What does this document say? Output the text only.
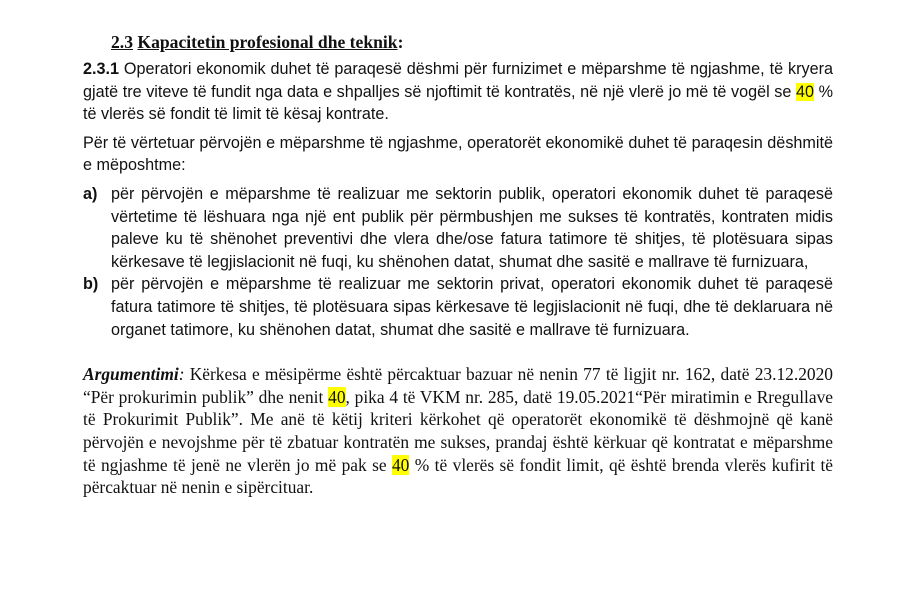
2.3 Kapacitetin profesional dhe teknik:

2.3.1 Operatori ekonomik duhet të paraqesë dëshmi për furnizimet e mëparshme të ngjashme, të kryera gjatë tre viteve të fundit nga data e shpalljes së njoftimit të kontratës, në një vlerë jo më të vogël se 40 % të vlerës së fondit të limit të kësaj kontrate.

Për të vërtetuar përvojën e mëparshme të ngjashme, operatorët ekonomikë duhet të paraqesin dëshmitë e mëposhtme:

a) për përvojën e mëparshme të realizuar me sektorin publik, operatori ekonomik duhet të paraqesë vërtetime të lëshuara nga një ent publik për përmbushjen me sukses të kontratës, kontraten midis paleve ku të shënohet preventivi dhe vlera dhe/ose fatura tatimore të shitjes, të plotësuara sipas kërkesave të legjislacionit në fuqi, ku shënohen datat, shumat dhe sasitë e mallrave të furnizuara,
b) për përvojën e mëparshme të realizuar me sektorin privat, operatori ekonomik duhet të paraqesë fatura tatimore të shitjes, të plotësuara sipas kërkesave të legjislacionit në fuqi, dhe të deklaruara në organet tatimore, ku shënohen datat, shumat dhe sasitë e mallrave të furnizuara.

Argumentimi: Kërkesa e mësipërme është përcaktuar bazuar në nenin 77 të ligjit nr. 162, datë 23.12.2020 “Për prokurimin publik” dhe nenit 40, pika 4 të VKM nr. 285, datë 19.05.2021“Për miratimin e Rregullave të Prokurimit Publik”. Me anë të këtij kriteri kërkohet që operatorët ekonomikë të dëshmojnë që kanë përvojën e nevojshme për të zbatuar kontratën me sukses, prandaj është kërkuar që kontratat e mëparshme të ngjashme të jenë ne vlerën jo më pak se 40 % të vlerës së fondit limit, që është brenda vlerës kufirit të përcaktuar në nenin e sipërcituar.
